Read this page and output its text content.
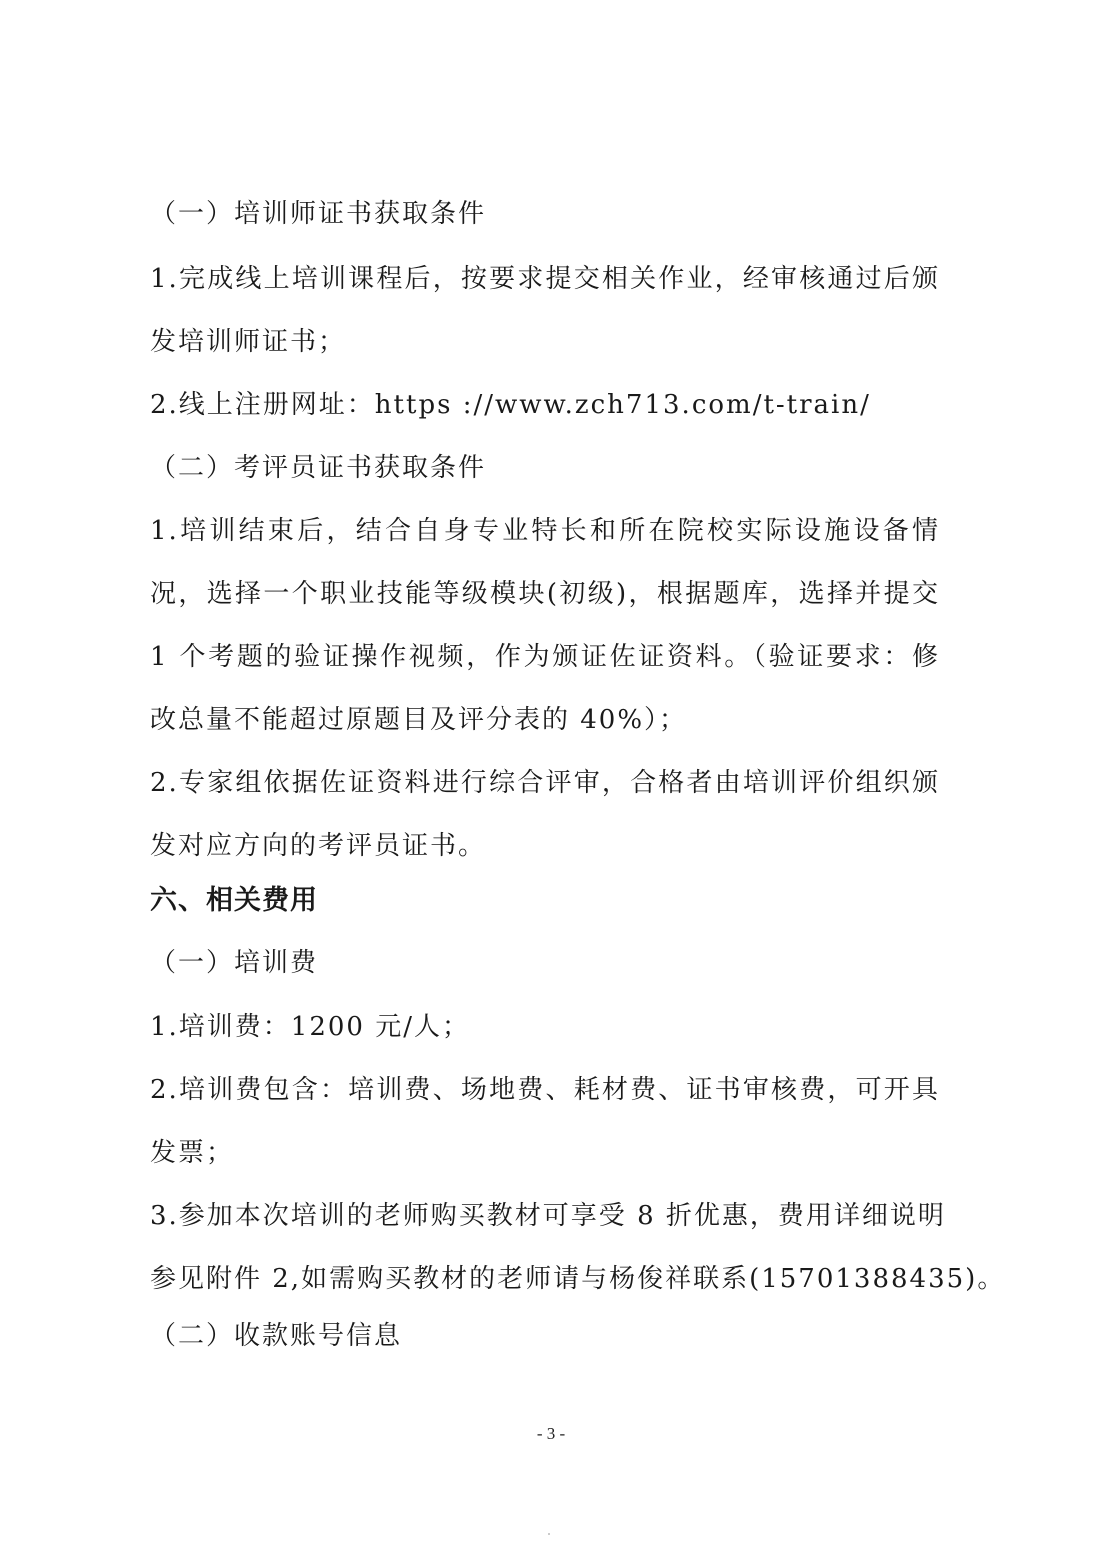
（一）培训师证书获取条件
1.完成线上培训课程后，按要求提交相关作业，经审核通过后颁
发培训师证书；
2.线上注册网址：https ://www.zch713.com/t-train/
（二）考评员证书获取条件
1.培训结束后，结合自身专业特长和所在院校实际设施设备情
况，选择一个职业技能等级模块(初级)，根据题库，选择并提交
1 个考题的验证操作视频，作为颁证佐证资料。（验证要求：修
改总量不能超过原题目及评分表的 40%）；
2.专家组依据佐证资料进行综合评审，合格者由培训评价组织颁
发对应方向的考评员证书。
六、相关费用
（一）培训费
1.培训费：1200 元/人；
2.培训费包含：培训费、场地费、耗材费、证书审核费，可开具
发票；
3.参加本次培训的老师购买教材可享受 8 折优惠，费用详细说明
参见附件 2,如需购买教材的老师请与杨俊祥联系(15701388435)。
（二）收款账号信息
- 3 -
